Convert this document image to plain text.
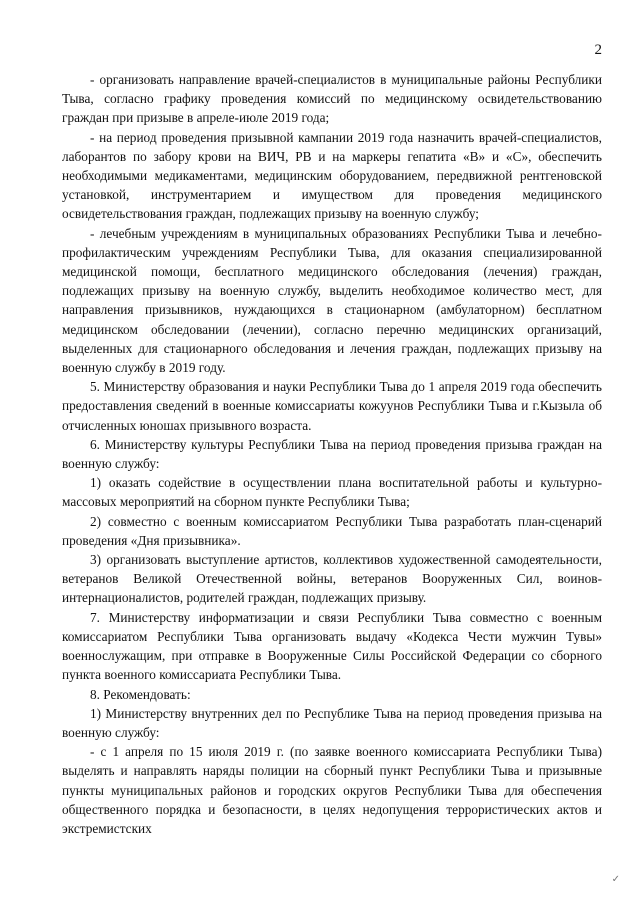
2

- организовать направление врачей-специалистов в муниципальные районы Республики Тыва, согласно графику проведения комиссий по медицинскому освидетельствованию граждан при призыве в апреле-июле 2019 года;

- на период проведения призывной кампании 2019 года назначить врачей-специалистов, лаборантов по забору крови на ВИЧ, РВ и на маркеры гепатита «В» и «С», обеспечить необходимыми медикаментами, медицинским оборудованием, передвижной рентгеновской установкой, инструментарием и имуществом для проведения медицинского освидетельствования граждан, подлежащих призыву на военную службу;

- лечебным учреждениям в муниципальных образованиях Республики Тыва и лечебно-профилактическим учреждениям Республики Тыва, для оказания специализированной медицинской помощи, бесплатного медицинского обследования (лечения) граждан, подлежащих призыву на военную службу, выделить необходимое количество мест, для направления призывников, нуждающихся в стационарном (амбулаторном) бесплатном медицинском обследовании (лечении), согласно перечню медицинских организаций, выделенных для стационарного обследования и лечения граждан, подлежащих призыву на военную службу в 2019 году.

5. Министерству образования и науки Республики Тыва до 1 апреля 2019 года обеспечить предоставления сведений в военные комиссариаты кожуунов Республики Тыва и г.Кызыла об отчисленных юношах призывного возраста.

6. Министерству культуры Республики Тыва на период проведения призыва граждан на военную службу:

1) оказать содействие в осуществлении плана воспитательной работы и культурно-массовых мероприятий на сборном пункте Республики Тыва;

2) совместно с военным комиссариатом Республики Тыва разработать план-сценарий проведения «Дня призывника».

3) организовать выступление артистов, коллективов художественной самодеятельности, ветеранов Великой Отечественной войны, ветеранов Вооруженных Сил, воинов-интернационалистов, родителей граждан, подлежащих призыву.

7. Министерству информатизации и связи Республики Тыва совместно с военным комиссариатом Республики Тыва организовать выдачу «Кодекса Чести мужчин Тувы» военнослужащим, при отправке в Вооруженные Силы Российской Федерации со сборного пункта военного комиссариата Республики Тыва.

8. Рекомендовать:

1) Министерству внутренних дел по Республике Тыва на период проведения призыва на военную службу:

- с 1 апреля по 15 июля 2019 г. (по заявке военного комиссариата Республики Тыва) выделять и направлять наряды полиции на сборный пункт Республики Тыва и призывные пункты муниципальных районов и городских округов Республики Тыва для обеспечения общественного порядка и безопасности, в целях недопущения террористических актов и экстремистских

✓
